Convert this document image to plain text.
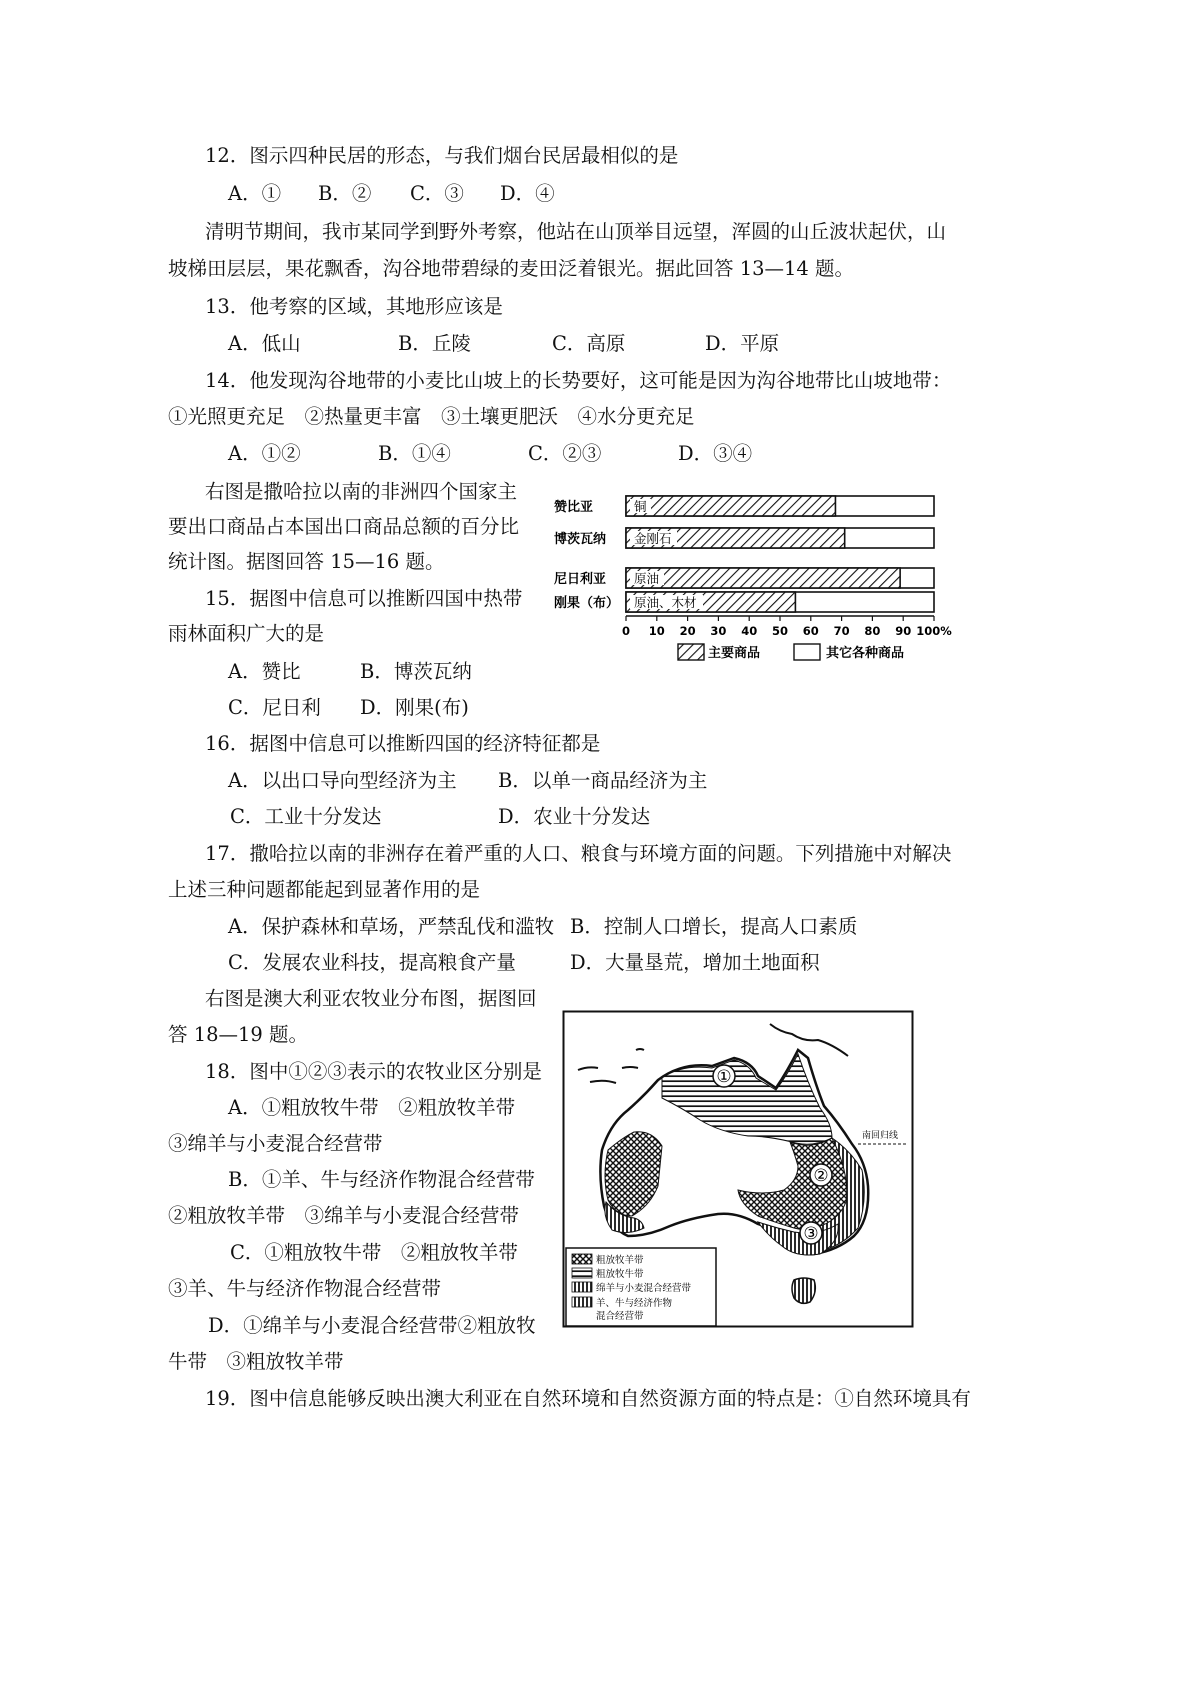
12．图示四种民居的形态，与我们烟台民居最相似的是
A．① B．② C．③ D．④
清明节期间，我市某同学到野外考察，他站在山顶举目远望，浑圆的山丘波状起伏，山
坡梯田层层，果花飘香，沟谷地带碧绿的麦田泛着银光。据此回答 13—14 题。
13．他考察的区域，其地形应该是
A．低山	B．丘陵	C．高原	D．平原
14．他发现沟谷地带的小麦比山坡上的长势要好，这可能是因为沟谷地带比山坡地带：
①光照更充足　②热量更丰富　③土壤更肥沃　④水分更充足
A．①②	B．①④	C．②③	D．③④
右图是撒哈拉以南的非洲四个国家主
要出口商品占本国出口商品总额的百分比
统计图。据图回答 15—16 题。
15．据图中信息可以推断四国中热带
雨林面积广大的是
A．赞比	B．博茨瓦纳
C．尼日利 D．刚果(布)
16．据图中信息可以推断四国的经济特征都是
A．以出口导向型经济为主 B．以单一商品经济为主
C．工业十分发达	D．农业十分发达
17．撒哈拉以南的非洲存在着严重的人口、粮食与环境方面的问题。下列措施中对解决
上述三种问题都能起到显著作用的是
A．保护森林和草场，严禁乱伐和滥牧 B．控制人口增长，提高人口素质
C．发展农业科技，提高粮食产量	D．大量垦荒，增加土地面积
右图是澳大利亚农牧业分布图，据图回
答 18—19 题。
18．图中①②③表示的农牧业区分别是
A．①粗放牧牛带　②粗放牧羊带
③绵羊与小麦混合经营带
B．①羊、牛与经济作物混合经营带
②粗放牧羊带　③绵羊与小麦混合经营带
C．①粗放牧牛带　②粗放牧羊带
③羊、牛与经济作物混合经营带
D．①绵羊与小麦混合经营带②粗放牧
牛带　③粗放牧羊带
19．图中信息能够反映出澳大利亚在自然环境和自然资源方面的特点是：①自然环境具有
赞比亚	铜
博茨瓦纳 金刚石
尼日利亚 原油
刚果（布） 原油、木材
0 10 20 30 40 50 60 70 80 90 100%
主要商品	其它各种商品
南回归线
①
②
③
粗放牧羊带
粗放牧牛带
绵羊与小麦混合经营带
羊、牛与经济作物
混合经营带
